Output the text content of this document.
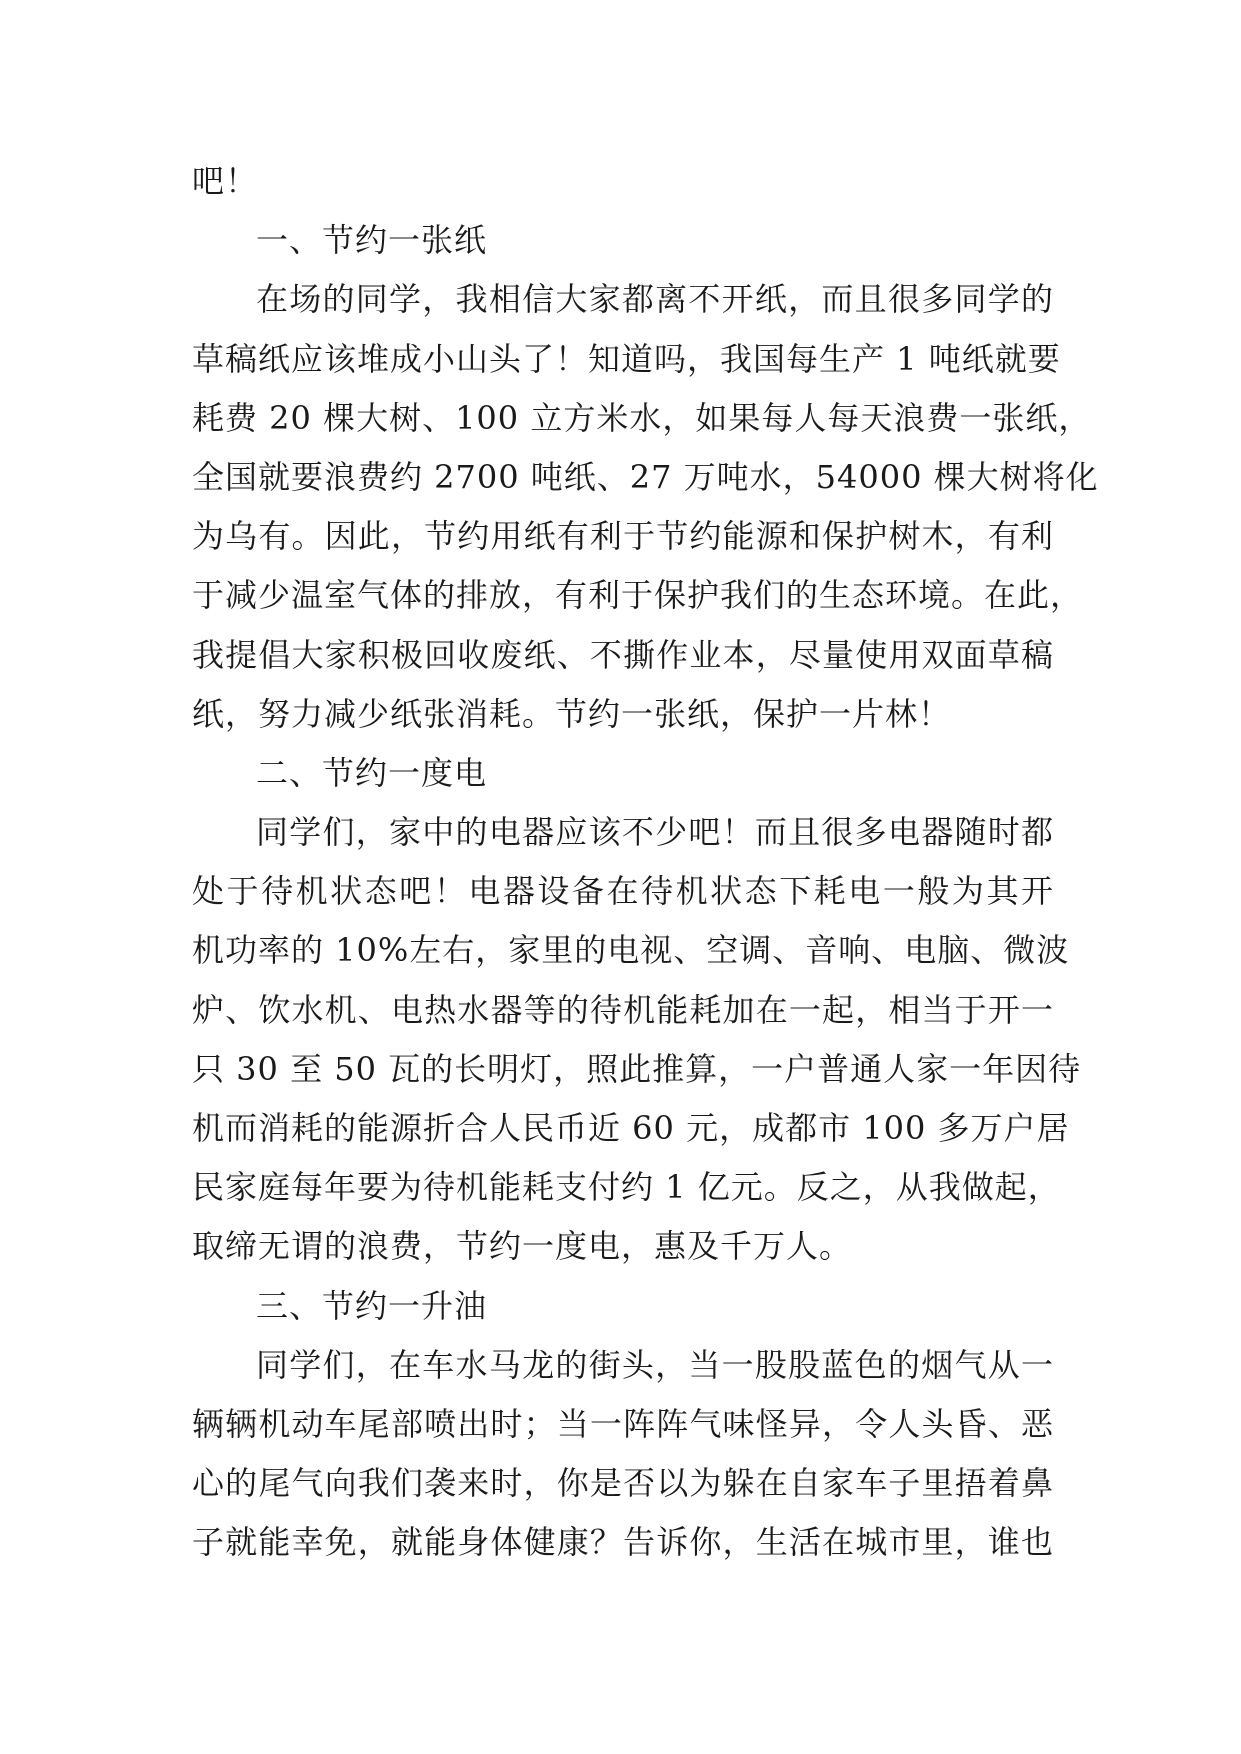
吧！
一、节约一张纸
在场的同学，我相信大家都离不开纸，而且很多同学的
草稿纸应该堆成小山头了！知道吗，我国每生产 1 吨纸就要
耗费 20 棵大树、100 立方米水，如果每人每天浪费一张纸，
全国就要浪费约 2700 吨纸、27 万吨水，54000 棵大树将化
为乌有。因此，节约用纸有利于节约能源和保护树木，有利
于减少温室气体的排放，有利于保护我们的生态环境。在此，
我提倡大家积极回收废纸、不撕作业本，尽量使用双面草稿
纸，努力减少纸张消耗。节约一张纸，保护一片林！
二、节约一度电
同学们，家中的电器应该不少吧！而且很多电器随时都
处于待机状态吧！电器设备在待机状态下耗电一般为其开
机功率的 10%左右，家里的电视、空调、音响、电脑、微波
炉、饮水机、电热水器等的待机能耗加在一起，相当于开一
只 30 至 50 瓦的长明灯，照此推算，一户普通人家一年因待
机而消耗的能源折合人民币近 60 元，成都市 100 多万户居
民家庭每年要为待机能耗支付约 1 亿元。反之，从我做起，
取缔无谓的浪费，节约一度电，惠及千万人。
三、节约一升油
同学们，在车水马龙的街头，当一股股蓝色的烟气从一
辆辆机动车尾部喷出时；当一阵阵气味怪异，令人头昏、恶
心的尾气向我们袭来时，你是否以为躲在自家车子里捂着鼻
子就能幸免，就能身体健康？告诉你，生活在城市里，谁也
